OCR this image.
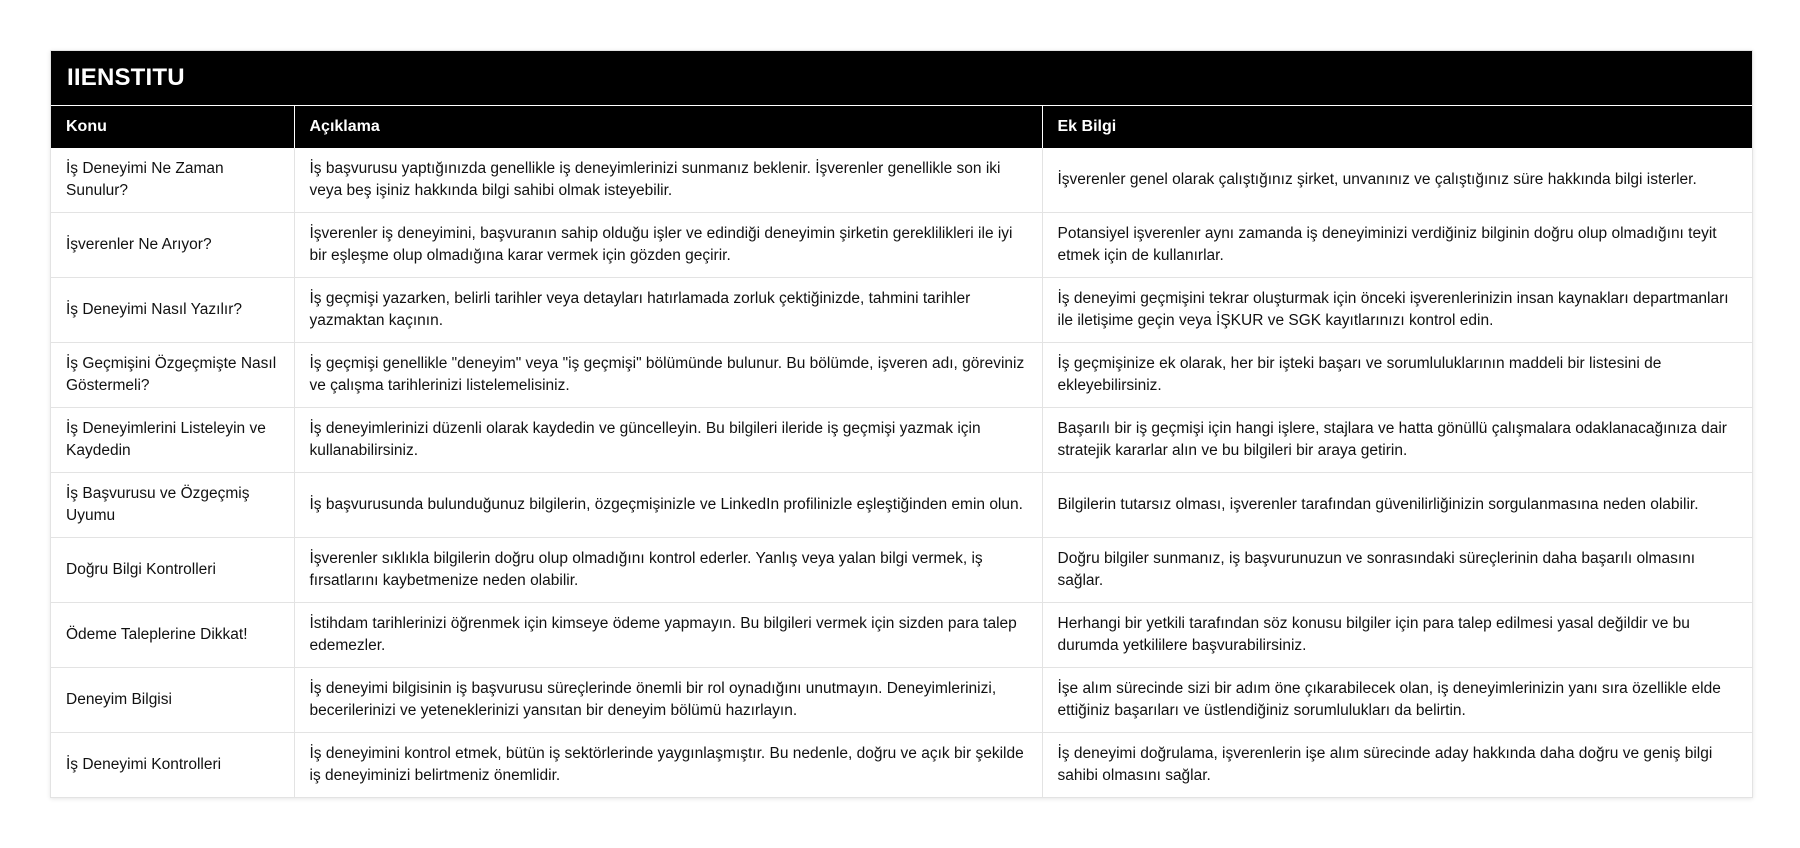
IIENSTITU
Konu	Açıklama	Ek Bilgi
İş Deneyimi Ne Zaman Sunulur?	İş başvurusu yaptığınızda genellikle iş deneyimlerinizi sunmanız beklenir. İşverenler genellikle son iki veya beş işiniz hakkında bilgi sahibi olmak isteyebilir.	İşverenler genel olarak çalıştığınız şirket, unvanınız ve çalıştığınız süre hakkında bilgi isterler.
İşverenler Ne Arıyor?	İşverenler iş deneyimini, başvuranın sahip olduğu işler ve edindiği deneyimin şirketin gereklilikleri ile iyi bir eşleşme olup olmadığına karar vermek için gözden geçirir.	Potansiyel işverenler aynı zamanda iş deneyiminizi verdiğiniz bilginin doğru olup olmadığını teyit etmek için de kullanırlar.
İş Deneyimi Nasıl Yazılır?	İş geçmişi yazarken, belirli tarihler veya detayları hatırlamada zorluk çektiğinizde, tahmini tarihler yazmaktan kaçının.	İş deneyimi geçmişini tekrar oluşturmak için önceki işverenlerinizin insan kaynakları departmanları ile iletişime geçin veya İŞKUR ve SGK kayıtlarınızı kontrol edin.
İş Geçmişini Özgeçmişte Nasıl Göstermeli?	İş geçmişi genellikle "deneyim" veya "iş geçmişi" bölümünde bulunur. Bu bölümde, işveren adı, göreviniz ve çalışma tarihlerinizi listelemelisiniz.	İş geçmişinize ek olarak, her bir işteki başarı ve sorumluluklarının maddeli bir listesini de ekleyebilirsiniz.
İş Deneyimlerini Listeleyin ve Kaydedin	İş deneyimlerinizi düzenli olarak kaydedin ve güncelleyin. Bu bilgileri ileride iş geçmişi yazmak için kullanabilirsiniz.	Başarılı bir iş geçmişi için hangi işlere, stajlara ve hatta gönüllü çalışmalara odaklanacağınıza dair stratejik kararlar alın ve bu bilgileri bir araya getirin.
İş Başvurusu ve Özgeçmiş Uyumu	İş başvurusunda bulunduğunuz bilgilerin, özgeçmişinizle ve LinkedIn profilinizle eşleştiğinden emin olun.	Bilgilerin tutarsız olması, işverenler tarafından güvenilirliğinizin sorgulanmasına neden olabilir.
Doğru Bilgi Kontrolleri	İşverenler sıklıkla bilgilerin doğru olup olmadığını kontrol ederler. Yanlış veya yalan bilgi vermek, iş fırsatlarını kaybetmenize neden olabilir.	Doğru bilgiler sunmanız, iş başvurunuzun ve sonrasındaki süreçlerinin daha başarılı olmasını sağlar.
Ödeme Taleplerine Dikkat!	İstihdam tarihlerinizi öğrenmek için kimseye ödeme yapmayın. Bu bilgileri vermek için sizden para talep edemezler.	Herhangi bir yetkili tarafından söz konusu bilgiler için para talep edilmesi yasal değildir ve bu durumda yetkililere başvurabilirsiniz.
Deneyim Bilgisi	İş deneyimi bilgisinin iş başvurusu süreçlerinde önemli bir rol oynadığını unutmayın. Deneyimlerinizi, becerilerinizi ve yeteneklerinizi yansıtan bir deneyim bölümü hazırlayın.	İşe alım sürecinde sizi bir adım öne çıkarabilecek olan, iş deneyimlerinizin yanı sıra özellikle elde ettiğiniz başarıları ve üstlendiğiniz sorumlulukları da belirtin.
İş Deneyimi Kontrolleri	İş deneyimini kontrol etmek, bütün iş sektörlerinde yaygınlaşmıştır. Bu nedenle, doğru ve açık bir şekilde iş deneyiminizi belirtmeniz önemlidir.	İş deneyimi doğrulama, işverenlerin işe alım sürecinde aday hakkında daha doğru ve geniş bilgi sahibi olmasını sağlar.
